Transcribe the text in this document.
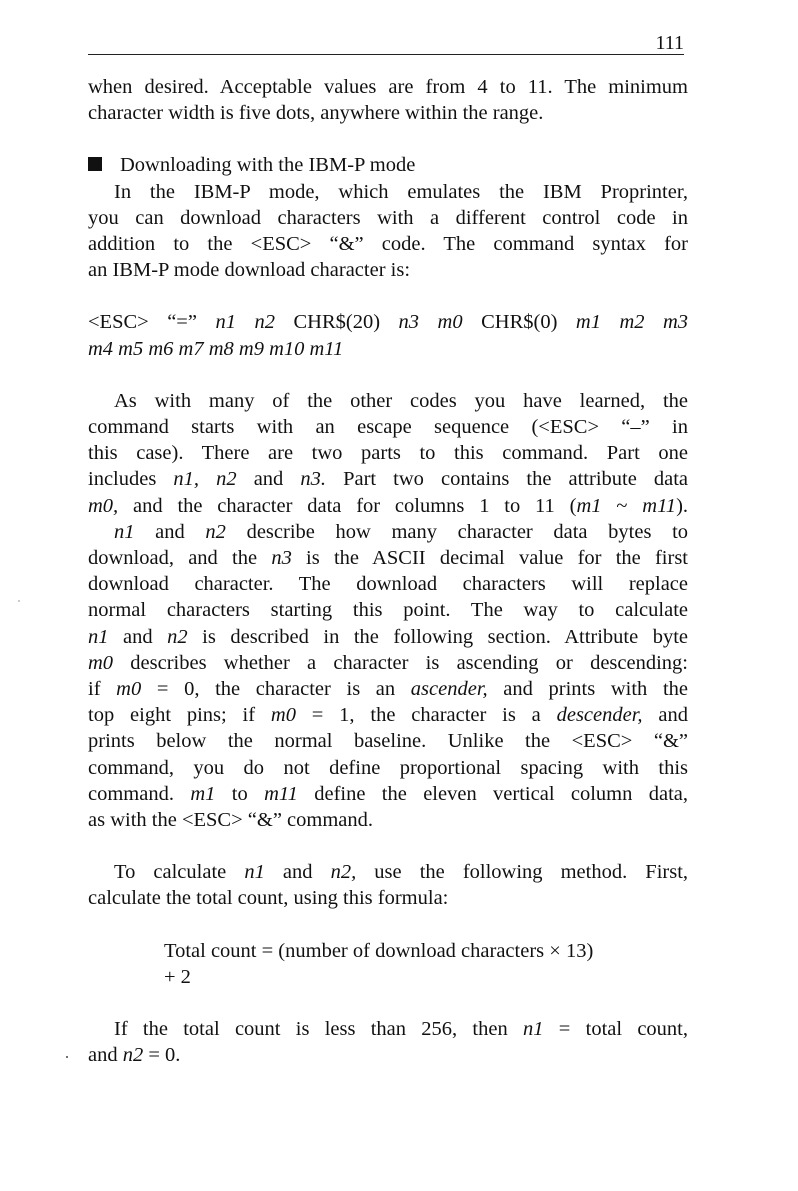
111
when desired. Acceptable values are from 4 to 11. The minimum
character width is five dots, anywhere within the range.
Downloading with the IBM-P mode
In the IBM-P mode, which emulates the IBM Proprinter,
you can download characters with a different control code in
addition to the <ESC> “&” code. The command syntax for
an IBM-P mode download character is:
<ESC> “=” n1 n2 CHR$(20) n3 m0 CHR$(0) m1 m2 m3
m4 m5 m6 m7 m8 m9 m10 m11
As with many of the other codes you have learned, the
command starts with an escape sequence (<ESC> “–” in
this case). There are two parts to this command. Part one
includes n1, n2 and n3. Part two contains the attribute data
m0, and the character data for columns 1 to 11 (m1 ~ m11).
n1 and n2 describe how many character data bytes to
download, and the n3 is the ASCII decimal value for the first
download character. The download characters will replace
normal characters starting this point. The way to calculate
n1 and n2 is described in the following section. Attribute byte
m0 describes whether a character is ascending or descending:
if m0 = 0, the character is an ascender, and prints with the
top eight pins; if m0 = 1, the character is a descender, and
prints below the normal baseline. Unlike the <ESC> “&”
command, you do not define proportional spacing with this
command. m1 to m11 define the eleven vertical column data,
as with the <ESC> “&” command.
To calculate n1 and n2, use the following method. First,
calculate the total count, using this formula:
Total count = (number of download characters × 13)
+ 2
If the total count is less than 256, then n1 = total count,
and n2 = 0.
